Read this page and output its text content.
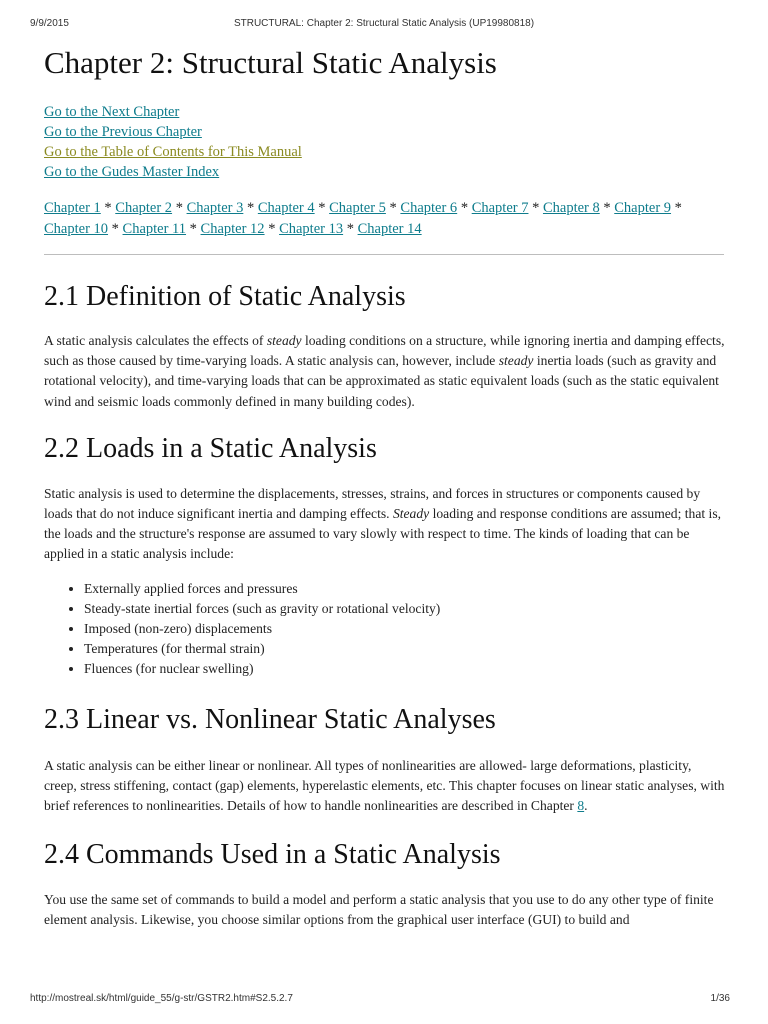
9/9/2015	STRUCTURAL: Chapter 2: Structural Static Analysis (UP19980818)
Chapter 2: Structural Static Analysis
Go to the Next Chapter
Go to the Previous Chapter
Go to the Table of Contents for This Manual
Go to the Gudes Master Index
Chapter 1 * Chapter 2 * Chapter 3 * Chapter 4 * Chapter 5 * Chapter 6 * Chapter 7 * Chapter 8 * Chapter 9 * Chapter 10 * Chapter 11 * Chapter 12 * Chapter 13 * Chapter 14
2.1 Definition of Static Analysis

A static analysis calculates the effects of steady loading conditions on a structure, while ignoring inertia and damping effects, such as those caused by time-varying loads. A static analysis can, however, include steady inertia loads (such as gravity and rotational velocity), and time-varying loads that can be approximated as static equivalent loads (such as the static equivalent wind and seismic loads commonly defined in many building codes).

2.2 Loads in a Static Analysis

Static analysis is used to determine the displacements, stresses, strains, and forces in structures or components caused by loads that do not induce significant inertia and damping effects. Steady loading and response conditions are assumed; that is, the loads and the structure's response are assumed to vary slowly with respect to time. The kinds of loading that can be applied in a static analysis include:

• Externally applied forces and pressures
• Steady-state inertial forces (such as gravity or rotational velocity)
• Imposed (non-zero) displacements
• Temperatures (for thermal strain)
• Fluences (for nuclear swelling)
2.3 Linear vs. Nonlinear Static Analyses

A static analysis can be either linear or nonlinear. All types of nonlinearities are allowed- large deformations, plasticity, creep, stress stiffening, contact (gap) elements, hyperelastic elements, etc. This chapter focuses on linear static analyses, with brief references to nonlinearities. Details of how to handle nonlinearities are described in Chapter 8.

2.4 Commands Used in a Static Analysis

You use the same set of commands to build a model and perform a static analysis that you use to do any other type of finite element analysis. Likewise, you choose similar options from the graphical user interface (GUI) to build and

http://mostreal.sk/html/guide_55/g-str/GSTR2.htm#S2.5.2.7	1/36
